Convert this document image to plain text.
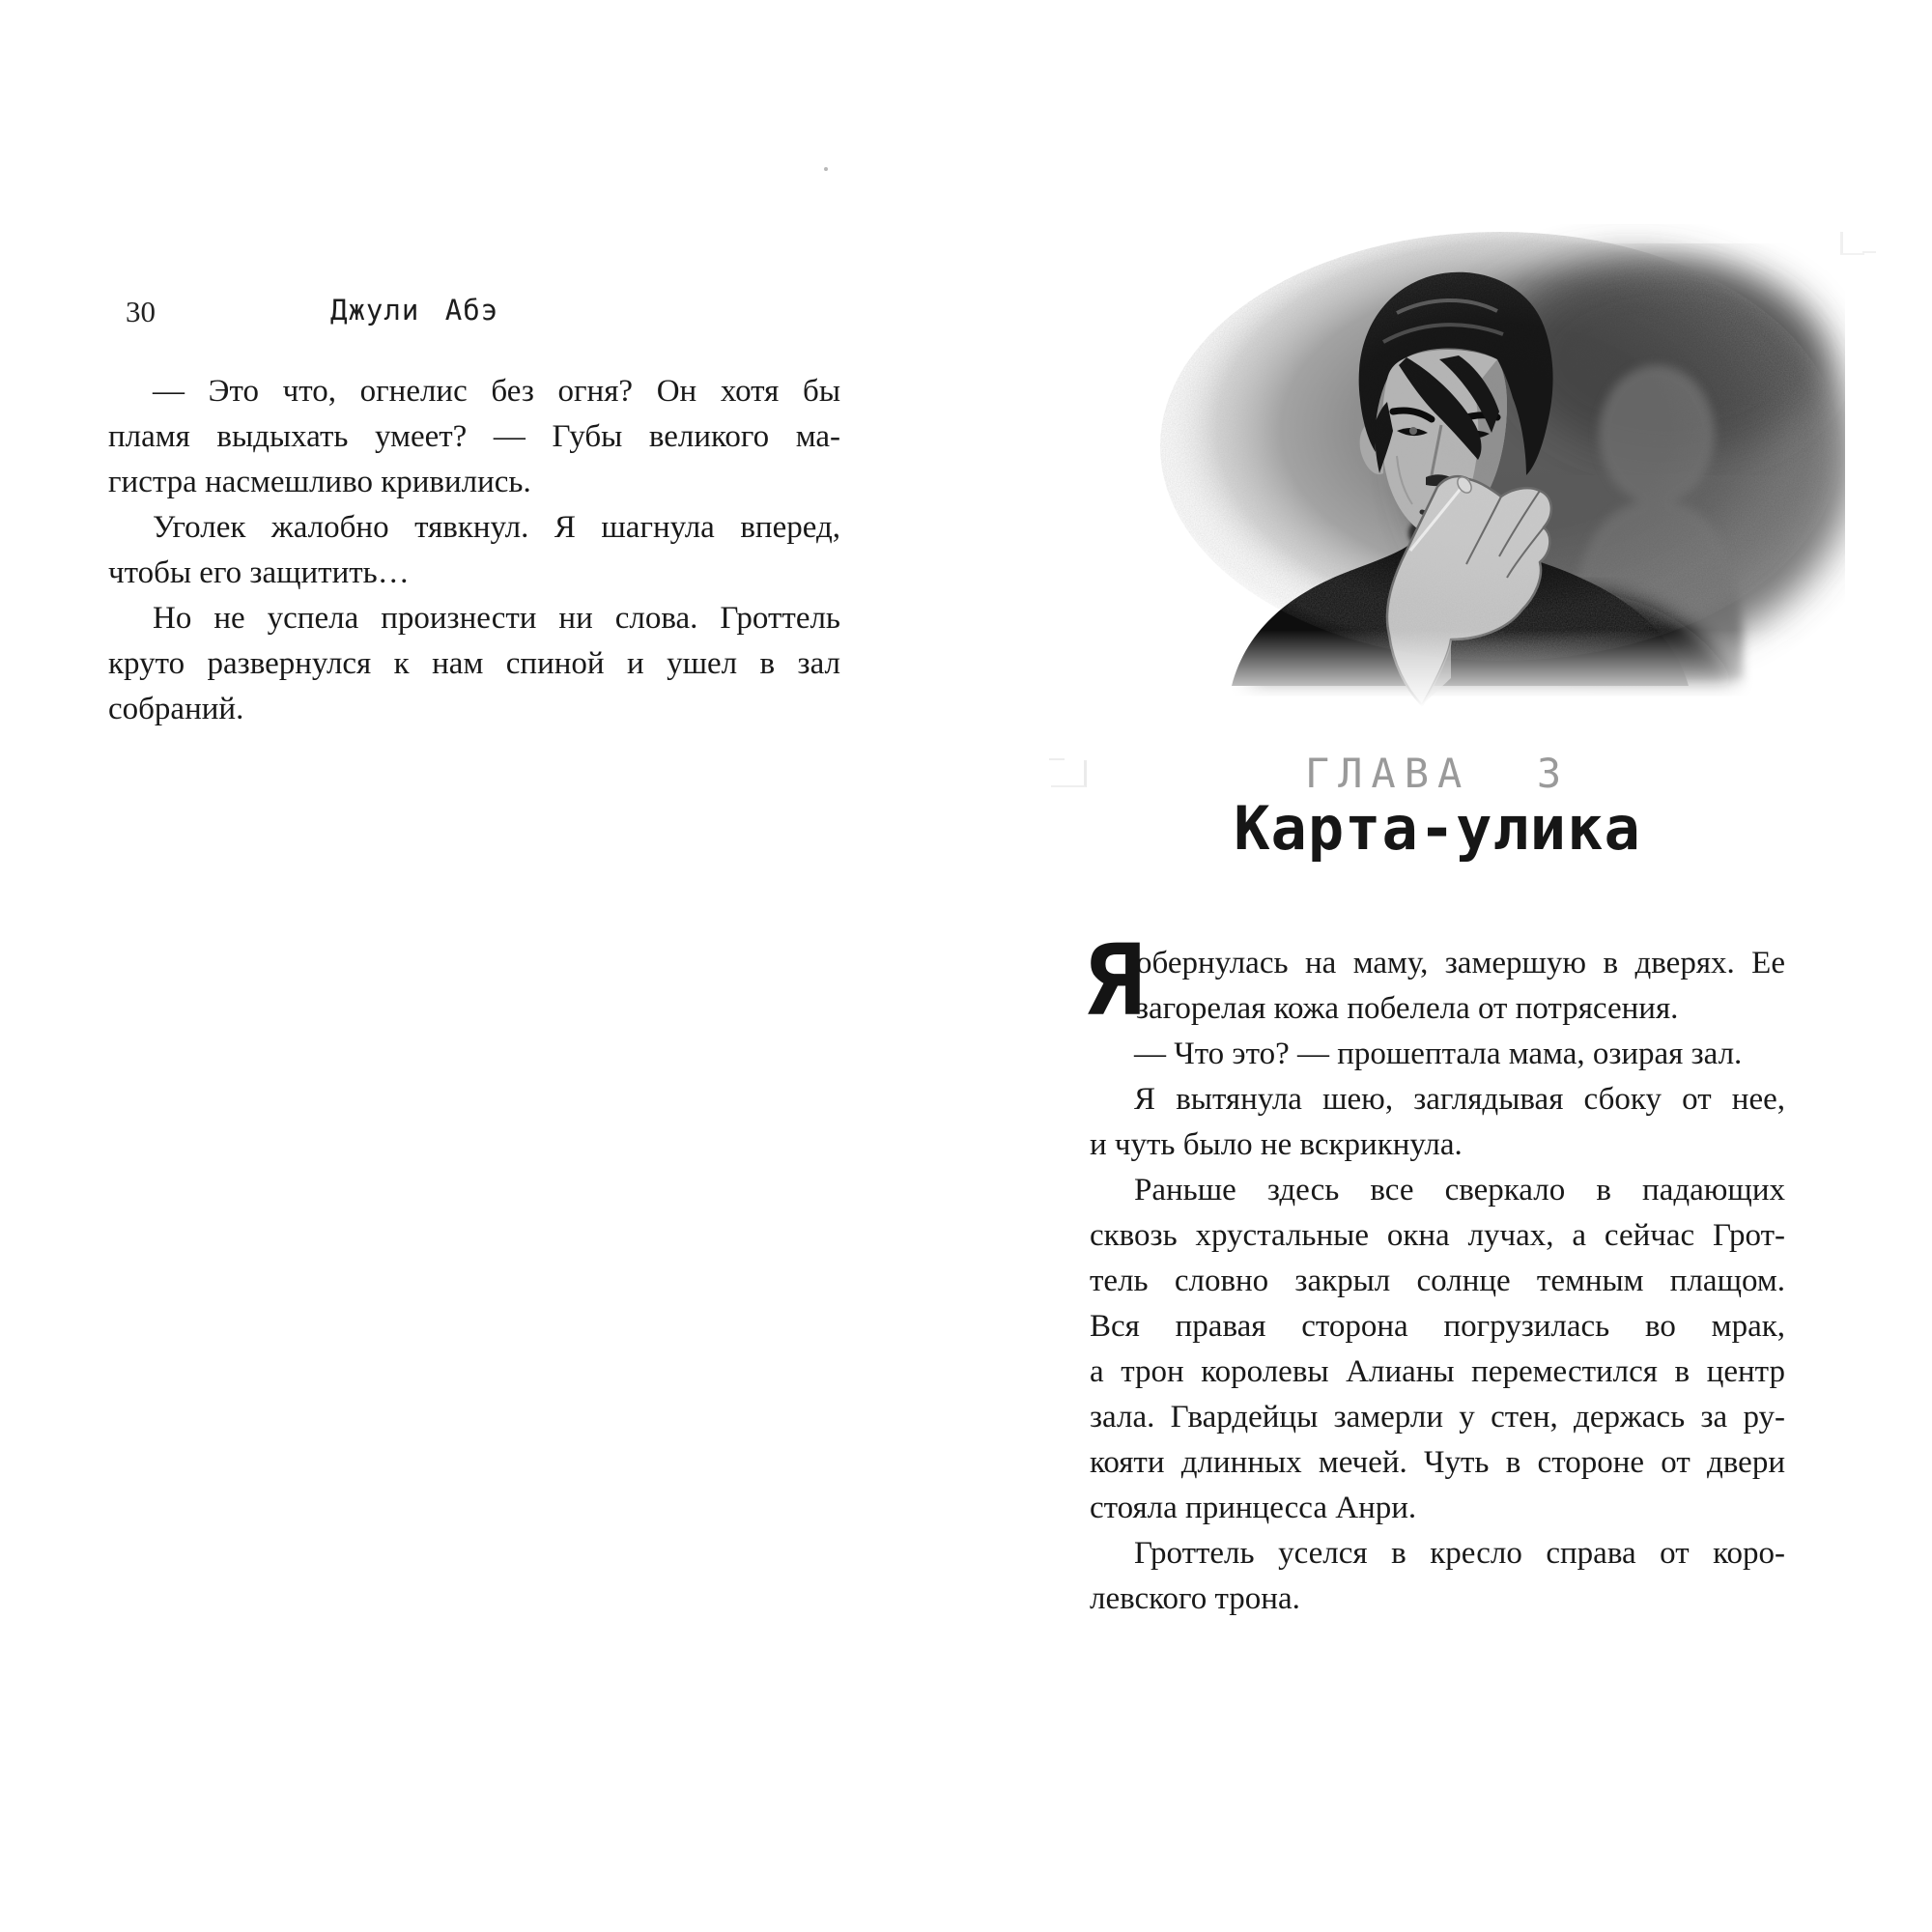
30	Джули Абэ
— Это что, огнелис без огня? Он хотя бы
пламя выдыхать умеет? — Губы великого ма-
гистра насмешливо кривились.
Уголек жалобно тявкнул. Я шагнула вперед,
чтобы его защитить…
Но не успела произнести ни слова. Гроттель
круто развернулся к нам спиной и ушел в зал
собраний.
ГЛАВА  3
Карта-улика
Я
обернулась на маму, замершую в дверях. Ее
загорелая кожа побелела от потрясения.
— Что это? — прошептала мама, озирая зал.
Я вытянула шею, заглядывая сбоку от нее,
и чуть было не вскрикнула.
Раньше здесь все сверкало в падающих
сквозь хрустальные окна лучах, а сейчас Грот-
тель словно закрыл солнце темным плащом.
Вся правая сторона погрузилась во мрак,
а трон королевы Алианы переместился в центр
зала. Гвардейцы замерли у стен, держась за ру-
кояти длинных мечей. Чуть в стороне от двери
стояла принцесса Анри.
Гроттель уселся в кресло справа от коро-
левского трона.
